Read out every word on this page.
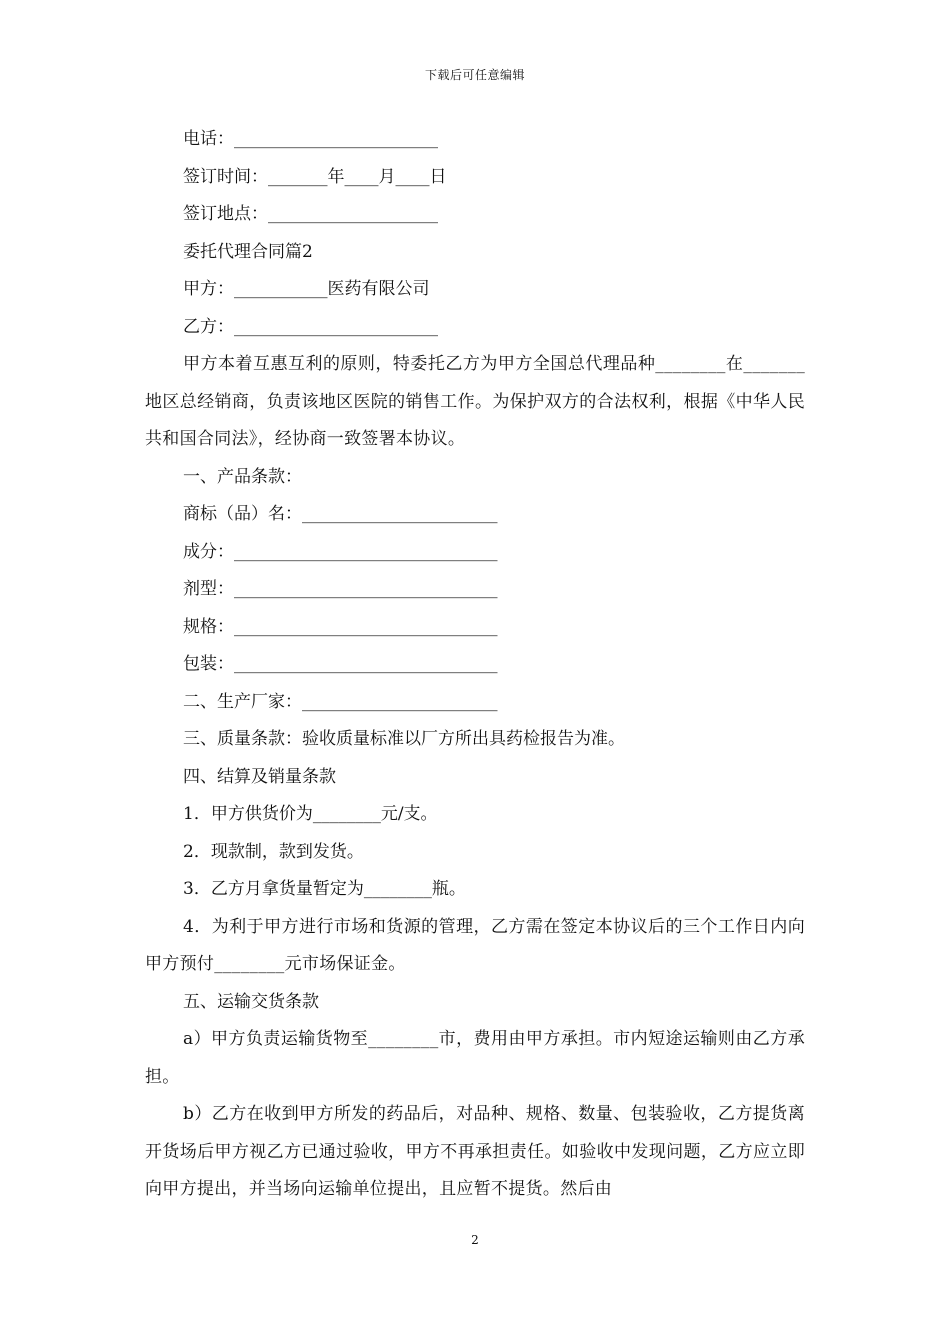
下载后可任意编辑
电话：________________________
签订时间：_______年____月____日
签订地点：____________________
委托代理合同篇2
甲方：___________医药有限公司
乙方：________________________
甲方本着互惠互利的原则，特委托乙方为甲方全国总代理品种________在_______地区总经销商，负责该地区医院的销售工作。为保护双方的合法权利，根据《中华人民共和国合同法》，经协商一致签署本协议。
一、产品条款：
商标（品）名：_______________________
成分：_______________________________
剂型：_______________________________
规格：_______________________________
包装：_______________________________
二、生产厂家：_______________________
三、质量条款：验收质量标准以厂方所出具药检报告为准。
四、结算及销量条款
1．甲方供货价为________元/支。
2．现款制，款到发货。
3．乙方月拿货量暂定为________瓶。
4．为利于甲方进行市场和货源的管理，乙方需在签定本协议后的三个工作日内向甲方预付________元市场保证金。
五、运输交货条款
a）甲方负责运输货物至________市，费用由甲方承担。市内短途运输则由乙方承担。
b）乙方在收到甲方所发的药品后，对品种、规格、数量、包装验收，乙方提货离开货场后甲方视乙方已通过验收，甲方不再承担责任。如验收中发现问题，乙方应立即向甲方提出，并当场向运输单位提出，且应暂不提货。然后由
2
